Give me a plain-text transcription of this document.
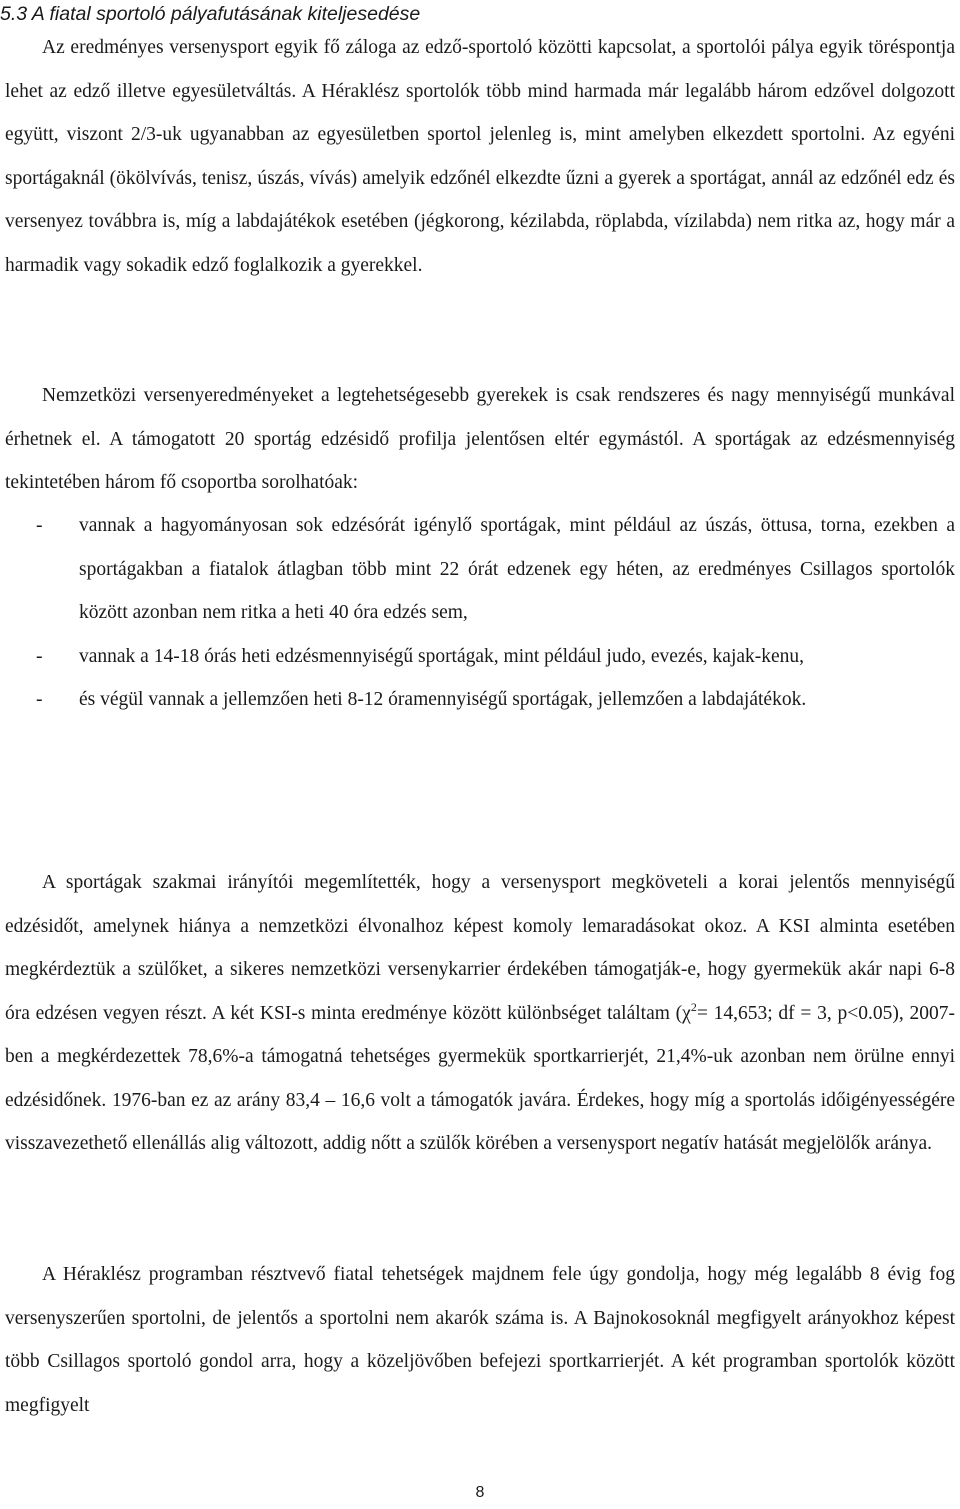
5.3 A fiatal sportoló pályafutásának kiteljesedése

Az eredményes versenysport egyik fő záloga az edző-sportoló közötti kapcsolat, a sportolói pálya egyik töréspontja lehet az edző illetve egyesületváltás. A Héraklész sportolók több mind harmada már legalább három edzővel dolgozott együtt, viszont 2/3-uk ugyanabban az egyesületben sportol jelenleg is, mint amelyben elkezdett sportolni. Az egyéni sportágaknál (ökölvívás, tenisz, úszás, vívás) amelyik edzőnél elkezdte űzni a gyerek a sportágat, annál az edzőnél edz és versenyez továbbra is, míg a labdajátékok esetében (jégkorong, kézilabda, röplabda, vízilabda) nem ritka az, hogy már a harmadik vagy sokadik edző foglalkozik a gyerekkel.

Nemzetközi versenyeredményeket a legtehetségesebb gyerekek is csak rendszeres és nagy mennyiségű munkával érhetnek el. A támogatott 20 sportág edzésidő profilja jelentősen eltér egymástól. A sportágak az edzésmennyiség tekintetében három fő csoportba sorolhatóak:

- vannak a hagyományosan sok edzésórát igénylő sportágak, mint például az úszás, öttusa, torna, ezekben a sportágakban a fiatalok átlagban több mint 22 órát edzenek egy héten, az eredményes Csillagos sportolók között azonban nem ritka a heti 40 óra edzés sem,
- vannak a 14-18 órás heti edzésmennyiségű sportágak, mint például judo, evezés, kajak-kenu,
- és végül vannak a jellemzően heti 8-12 óramennyiségű sportágak, jellemzően a labdajátékok.

A sportágak szakmai irányítói megemlítették, hogy a versenysport megköveteli a korai jelentős mennyiségű edzésidőt, amelynek hiánya a nemzetközi élvonalhoz képest komoly lemaradásokat okoz. A KSI alminta esetében megkérdeztük a szülőket, a sikeres nemzetközi versenykarrier érdekében támogatják-e, hogy gyermekük akár napi 6-8 óra edzésen vegyen részt. A két KSI-s minta eredménye között különbséget találtam ($\chi^2= 14,653$; df = 3, p<0.05), 2007-ben a megkérdezettek 78,6%-a támogatná tehetséges gyermekük sportkarrierjét, 21,4%-uk azonban nem örülne ennyi edzésidőnek. 1976-ban ez az arány 83,4 – 16,6 volt a támogatók javára. Érdekes, hogy míg a sportolás időigényességére visszavezethető ellenállás alig változott, addig nőtt a szülők körében a versenysport negatív hatását megjelölők aránya.

A Héraklész programban résztvevő fiatal tehetségek majdnem fele úgy gondolja, hogy még legalább 8 évig fog versenyszerűen sportolni, de jelentős a sportolni nem akarók száma is. A Bajnokosoknál megfigyelt arányokhoz képest több Csillagos sportoló gondol arra, hogy a közeljövőben befejezi sportkarrierjét. A két programban sportolók között megfigyelt

8
